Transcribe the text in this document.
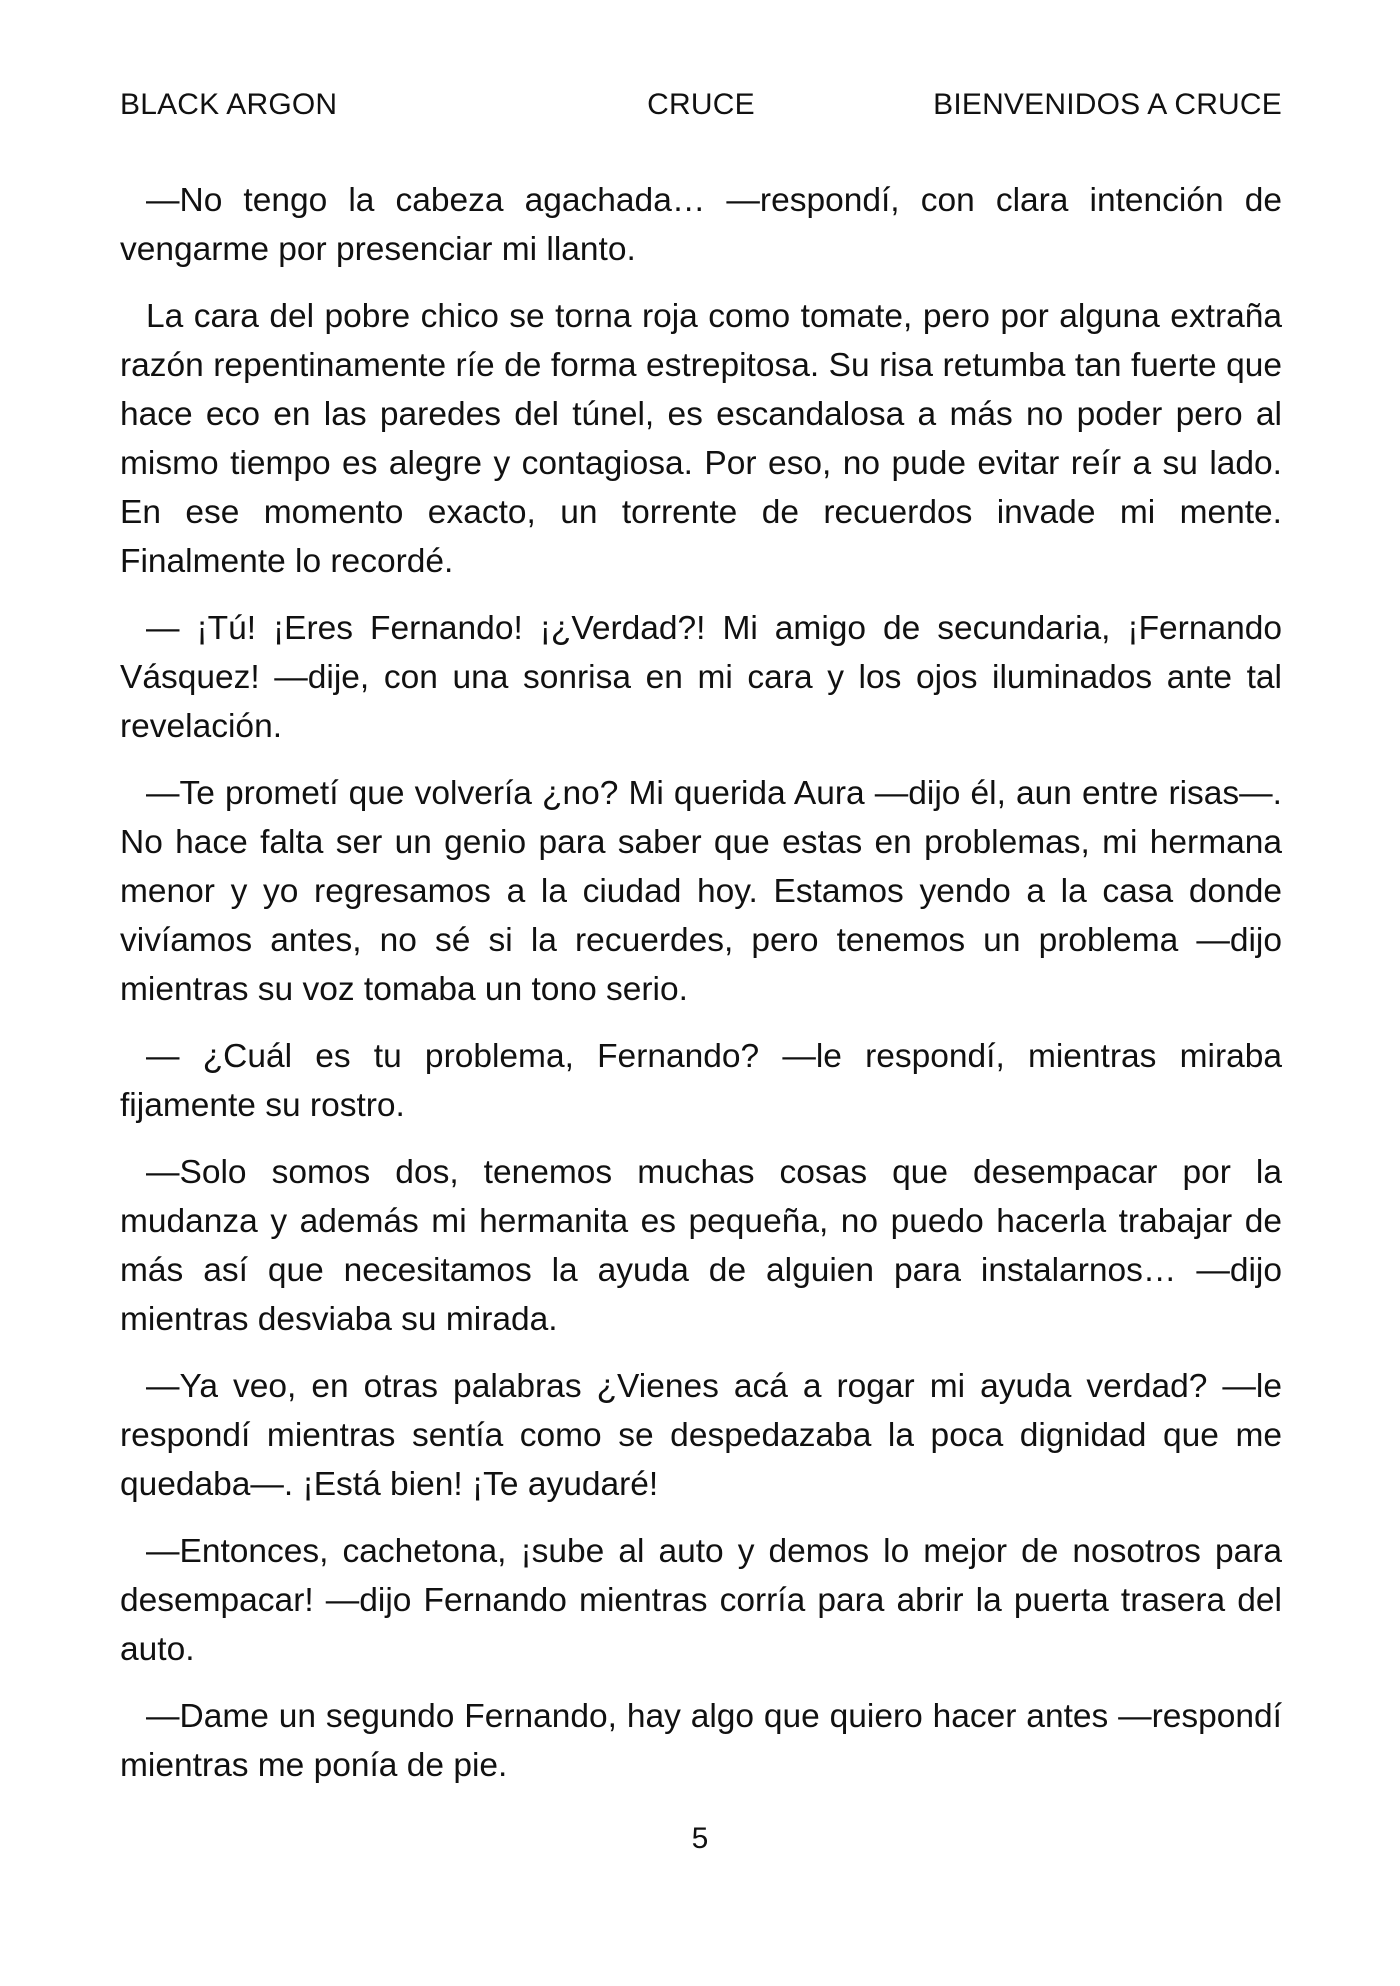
BLACK ARGON	CRUCE	BIENVENIDOS A CRUCE

—No tengo la cabeza agachada… —respondí, con clara intención de vengarme por presenciar mi llanto.

La cara del pobre chico se torna roja como tomate, pero por alguna extraña razón repentinamente ríe de forma estrepitosa. Su risa retumba tan fuerte que hace eco en las paredes del túnel, es escandalosa a más no poder pero al mismo tiempo es alegre y contagiosa. Por eso, no pude evitar reír a su lado. En ese momento exacto, un torrente de recuerdos invade mi mente. Finalmente lo recordé.

— ¡Tú! ¡Eres Fernando! ¡¿Verdad?! Mi amigo de secundaria, ¡Fernando Vásquez! —dije, con una sonrisa en mi cara y los ojos iluminados ante tal revelación.

—Te prometí que volvería ¿no? Mi querida Aura —dijo él, aun entre risas—. No hace falta ser un genio para saber que estas en problemas, mi hermana menor y yo regresamos a la ciudad hoy. Estamos yendo a la casa donde vivíamos antes, no sé si la recuerdes, pero tenemos un problema —dijo mientras su voz tomaba un tono serio.

— ¿Cuál es tu problema, Fernando? —le respondí, mientras miraba fijamente su rostro.

—Solo somos dos, tenemos muchas cosas que desempacar por la mudanza y además mi hermanita es pequeña, no puedo hacerla trabajar de más así que necesitamos la ayuda de alguien para instalarnos… —dijo mientras desviaba su mirada.

—Ya veo, en otras palabras ¿Vienes acá a rogar mi ayuda verdad? —le respondí mientras sentía como se despedazaba la poca dignidad que me quedaba—. ¡Está bien! ¡Te ayudaré!

—Entonces, cachetona, ¡sube al auto y demos lo mejor de nosotros para desempacar! —dijo Fernando mientras corría para abrir la puerta trasera del auto.

—Dame un segundo Fernando, hay algo que quiero hacer antes —respondí mientras me ponía de pie.

5
